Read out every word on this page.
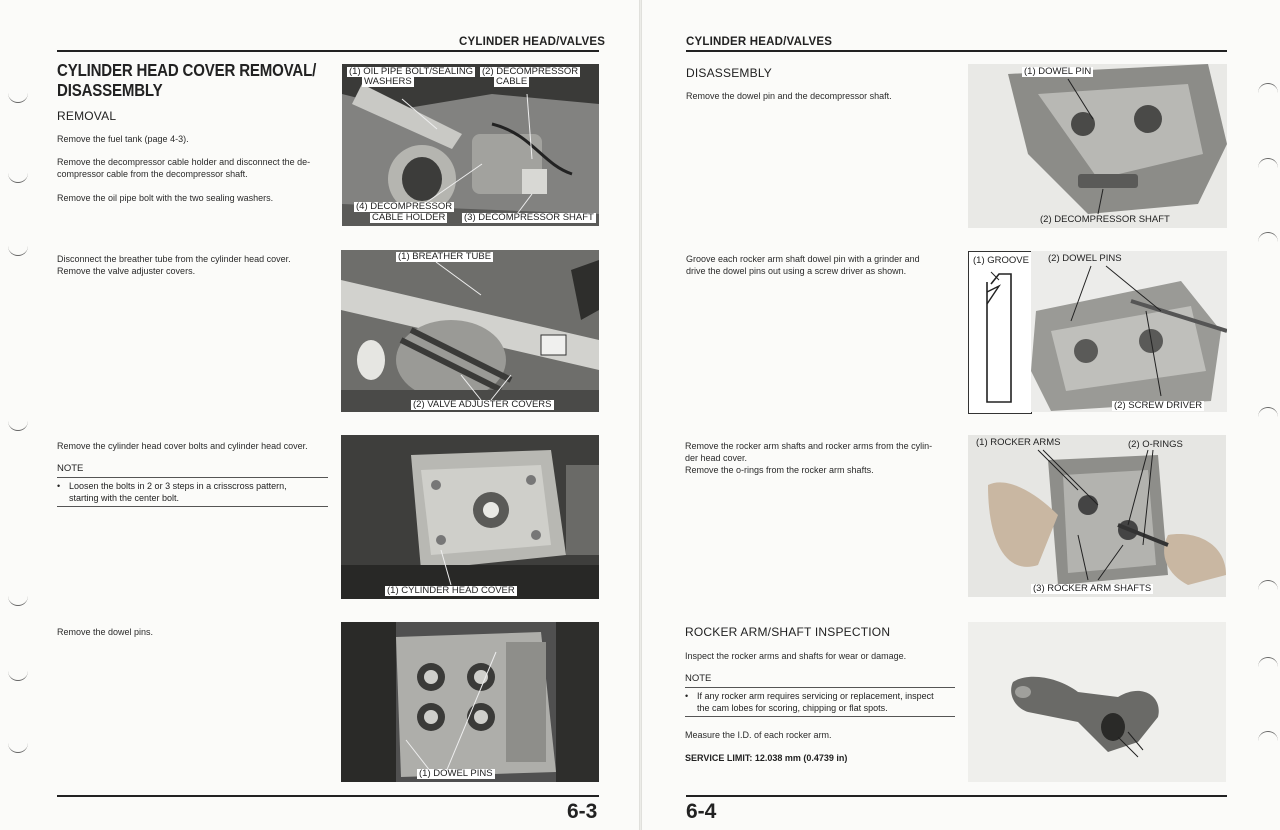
CYLINDER HEAD/VALVES
CYLINDER HEAD COVER REMOVAL/
DISASSEMBLY
REMOVAL
Remove the fuel tank (page 4-3).
Remove the decompressor cable holder and disconnect the de-
compressor cable from the decompressor shaft.
Remove the oil pipe bolt with the two sealing washers.
(1) OIL PIPE BOLT/SEALING
WASHERS
(2) DECOMPRESSOR
CABLE
(4) DECOMPRESSOR
CABLE HOLDER (3) DECOMPRESSOR SHAFT
Disconnect the breather tube from the cylinder head cover.
Remove the valve adjuster covers.
(1) BREATHER TUBE
(2) VALVE ADJUSTER COVERS
Remove the cylinder head cover bolts and cylinder head cover.
NOTE
• Loosen the bolts in 2 or 3 steps in a crisscross pattern,
starting with the center bolt.
(1) CYLINDER HEAD COVER
Remove the dowel pins.
(1) DOWEL PINS
6-3
CYLINDER HEAD/VALVES
DISASSEMBLY
Remove the dowel pin and the decompressor shaft.
(1) DOWEL PIN
(2) DECOMPRESSOR SHAFT
Groove each rocker arm shaft dowel pin with a grinder and
drive the dowel pins out using a screw driver as shown.
(1) GROOVE (2) DOWEL PINS
(2) SCREW DRIVER
Remove the rocker arm shafts and rocker arms from the cylin-
der head cover.
Remove the o-rings from the rocker arm shafts.
(1) ROCKER ARMS	(2) O-RINGS
(3) ROCKER ARM SHAFTS
ROCKER ARM/SHAFT INSPECTION
Inspect the rocker arms and shafts for wear or damage.
NOTE
• If any rocker arm requires servicing or replacement, inspect
the cam lobes for scoring, chipping or flat spots.
Measure the I.D. of each rocker arm.
SERVICE LIMIT: 12.038 mm (0.4739 in)
6-4
